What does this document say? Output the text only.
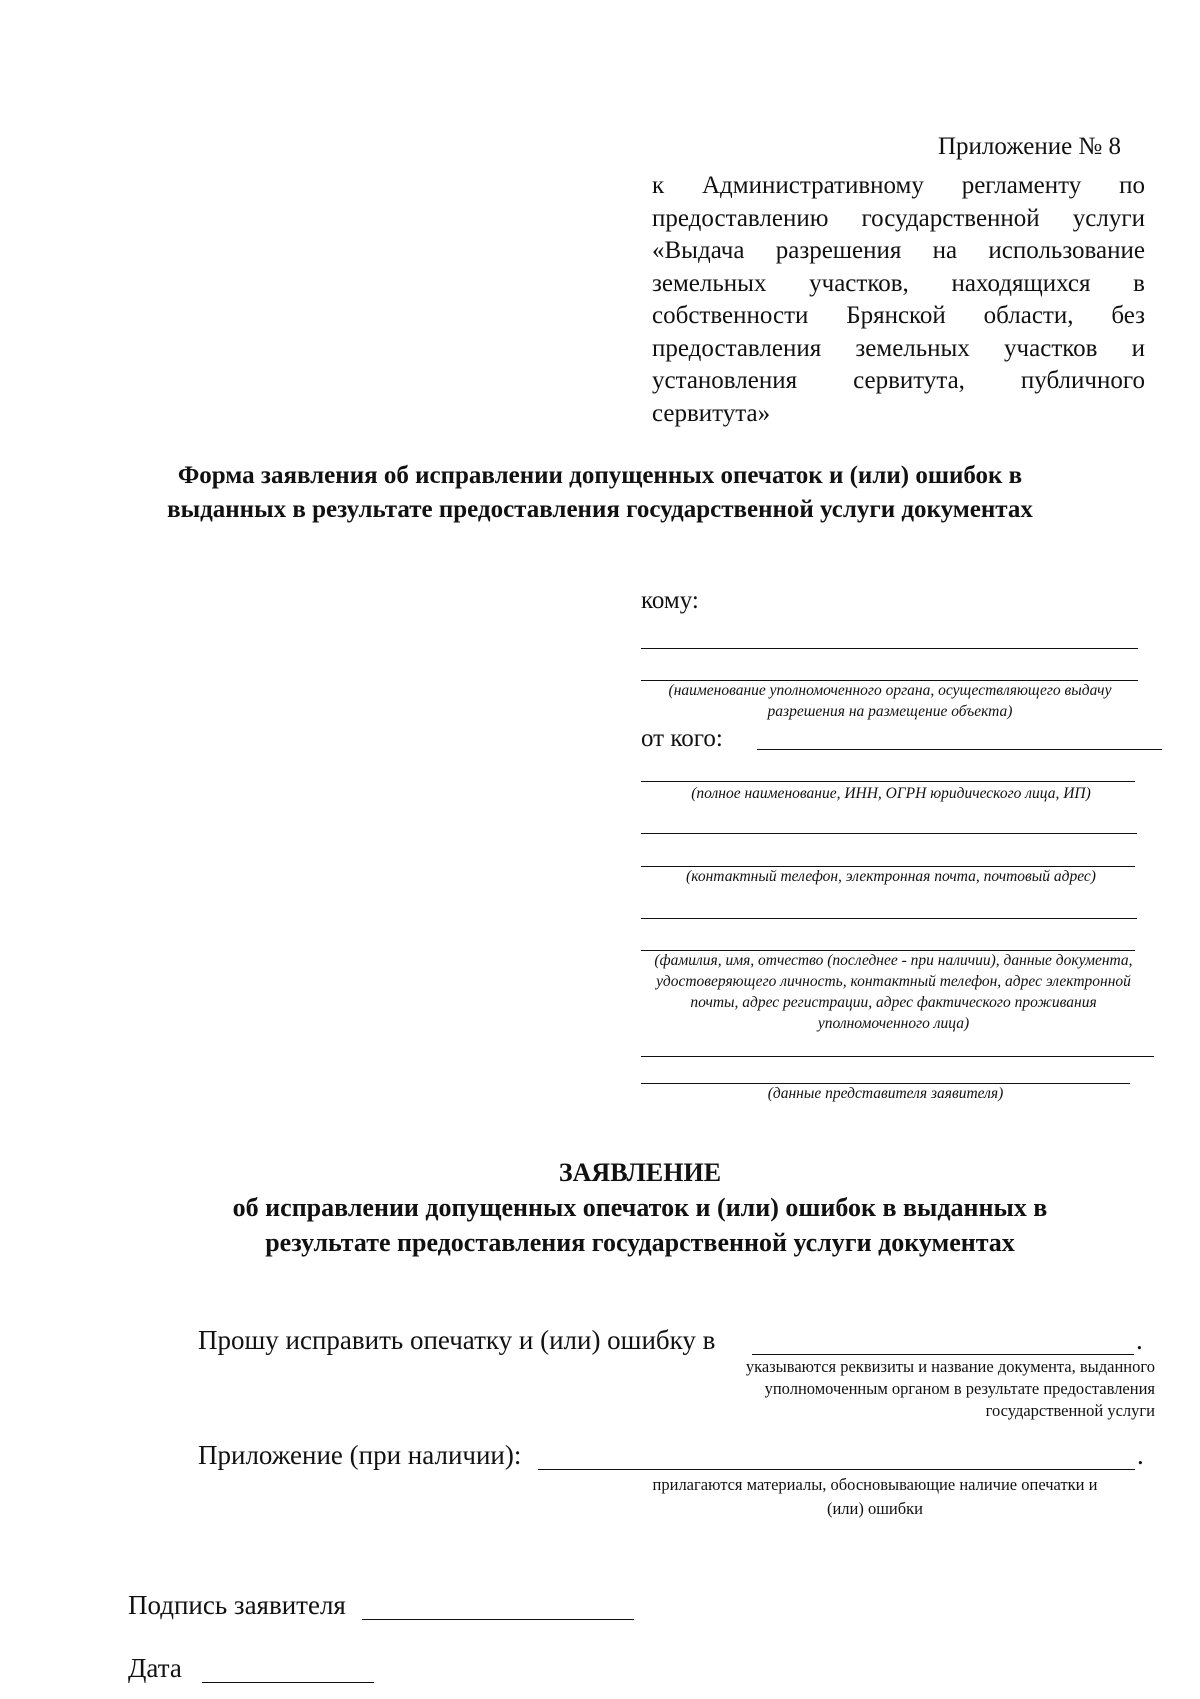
Приложение № 8
к Административному регламенту по предоставлению государственной услуги «Выдача разрешения на использование земельных участков, находящихся в собственности Брянской области, без предоставления земельных участков и установления сервитута, публичного сервитута»
Форма заявления об исправлении допущенных опечаток и (или) ошибок в выданных в результате предоставления государственной услуги документах
кому:
(наименование уполномоченного органа, осуществляющего выдачу разрешения на размещение объекта)
от кого:
(полное наименование, ИНН, ОГРН юридического лица, ИП)
(контактный телефон, электронная почта, почтовый адрес)
(фамилия, имя, отчество (последнее - при наличии), данные документа, удостоверяющего личность, контактный телефон, адрес электронной почты, адрес регистрации, адрес фактического проживания уполномоченного лица)
(данные представителя заявителя)
ЗАЯВЛЕНИЕ
об исправлении допущенных опечаток и (или) ошибок в выданных в результате предоставления государственной услуги документах
Прошу исправить опечатку и (или) ошибку в	.
указываются реквизиты и название документа, выданного уполномоченным органом в результате предоставления государственной услуги
Приложение (при наличии):	.
прилагаются материалы, обосновывающие наличие опечатки и (или) ошибки
Подпись заявителя
Дата
